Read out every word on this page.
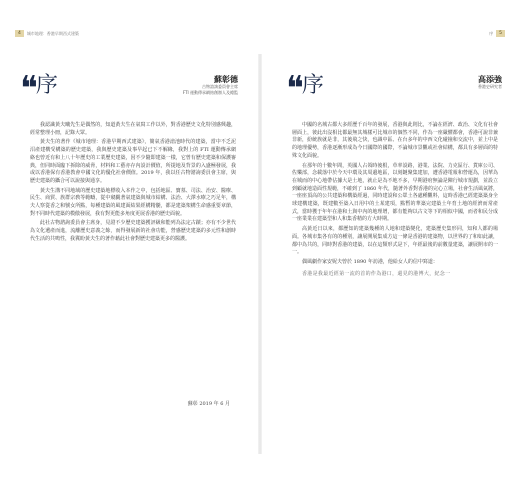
4	城市地理：香港早期西式建築
❛❛ 序	蘇彰德
古物諮詢委員會主席
FTI 運動傳承網絡創辦人及總監

我認識黃夫曦先生是偶然的，知道黃夫生在氣寫工作以外，對香港歷史文化特別感興趣，經常整理小冊，記錄大眾。

黃夫生的著作《城市地理：香港早期西式建築》，簡氣香港滄池時代的建築，當中不乏泥沼產建構受構築的歷史建築，我與歷史建築及事早起已下不解緣，我對上的 FTI 運動傳承網絡也曾近有和上八十年歷史的工業歷史建築，因不少隨即建築一樣，它曾有歷史建築和保護審典，但同時面臨下拆除的威脅，材料和工藝亦存內設計價值，所提地及背景的入盛極發展，我或以香港保有香港教會中國文化的優化社會價值。2019 年，我以任古物諮詢委員會主席，與歷史建築的攝合可以說接與通享。

黃夫生溝不同地域的歷史建築地標收入本作之中，包括地區、寶墓、司法、治安、醫療、民生、商貿、族群宗敎等範疇，從中窺覷著氣建築與城市結構、法治、大澤水療之巧足年，構夫人察從香之和號女所點，每種建築的風建面結果經構精髓，都是建築架構生命感重要章節，對不同時代建築的模倣發展，我有對更能多角度更展香港的歷史面貌。

此社古物諮詢委員會主席身，見證不少歷史建築獲評級和能列為法定古蹟；亦有不少世代為文化遺產而進，流離歷史意義之餘，而得發展新的社會功能，營感歷史建築的多元性和創時代生活的共鳴性，我冀盼黃夫生的著作藉此社會對歷史建築更多的醫護。

蘇彰 2019 年 6 月
序	5
❛❛ 序	高添強
香港史研究者

中國的名城古都大多經歷千百年的發展，香港與此則比，不論在經濟、政治、文化有社會層面上，彼此出沒相比都最無其城樣可比城市的個然不同，作為一座嚴懼都會，香港可說非兼非新，紛統族就是非，其後飛之快，也識中區、在台多年的中西文化碰撞和交流中，並上中是的地理優勢，香港逐漸形成為今日國際的國際，不論城市景觀或社會結構，都具有多層面的特殊文化面貌。

在那年的十數年間，英國人占領時後根，草率設路，港業、法院、力克區行、貨庫公司、佐樂部，念載落中於今天中環及其周邊地區，以刻鏈聚集建加，遭香港電報和營運為，因華為在城而的中心地帶佔據大是土地，就止是為不地不多，早期港府無論是陳行城市規劃，並設立到顧就地造面性規範，不確到了 1860 年代，隨著外香對香港的完心立場，社會生活風氣將，一座座頂高的公共建築和構築經過，同時建設和公眾土各處種觀料，這時香港已經建築築身全球建構建築，既建數至築入日用中的土某建項，點暫的華築完建築土年育土地的經濟而常產式，當時獲于年年在港和土與中內的地理增，都有能夠以古文等下的相似中國，而者和民分成一座業業在建築型和人和集香精的方大時期。

高黃近日以來，都歷知的建築幾種的人地和建築變化，建築歷史集形同，知和人都的場面。各城市集各有的的種別，讓展開展集成方這一條是香港的建築物，以世界的了和如此讓，都中為共的，同時對香港的建築，以在這類形式是下，年經最後的前數量建築，讓展開市的一一。

偶風劇作家安妮夫曾於 1890 年訪港，他給女人的信中寫道：

香港是我最近經第一流的首的作為港口，還見的港博大，紀念一
